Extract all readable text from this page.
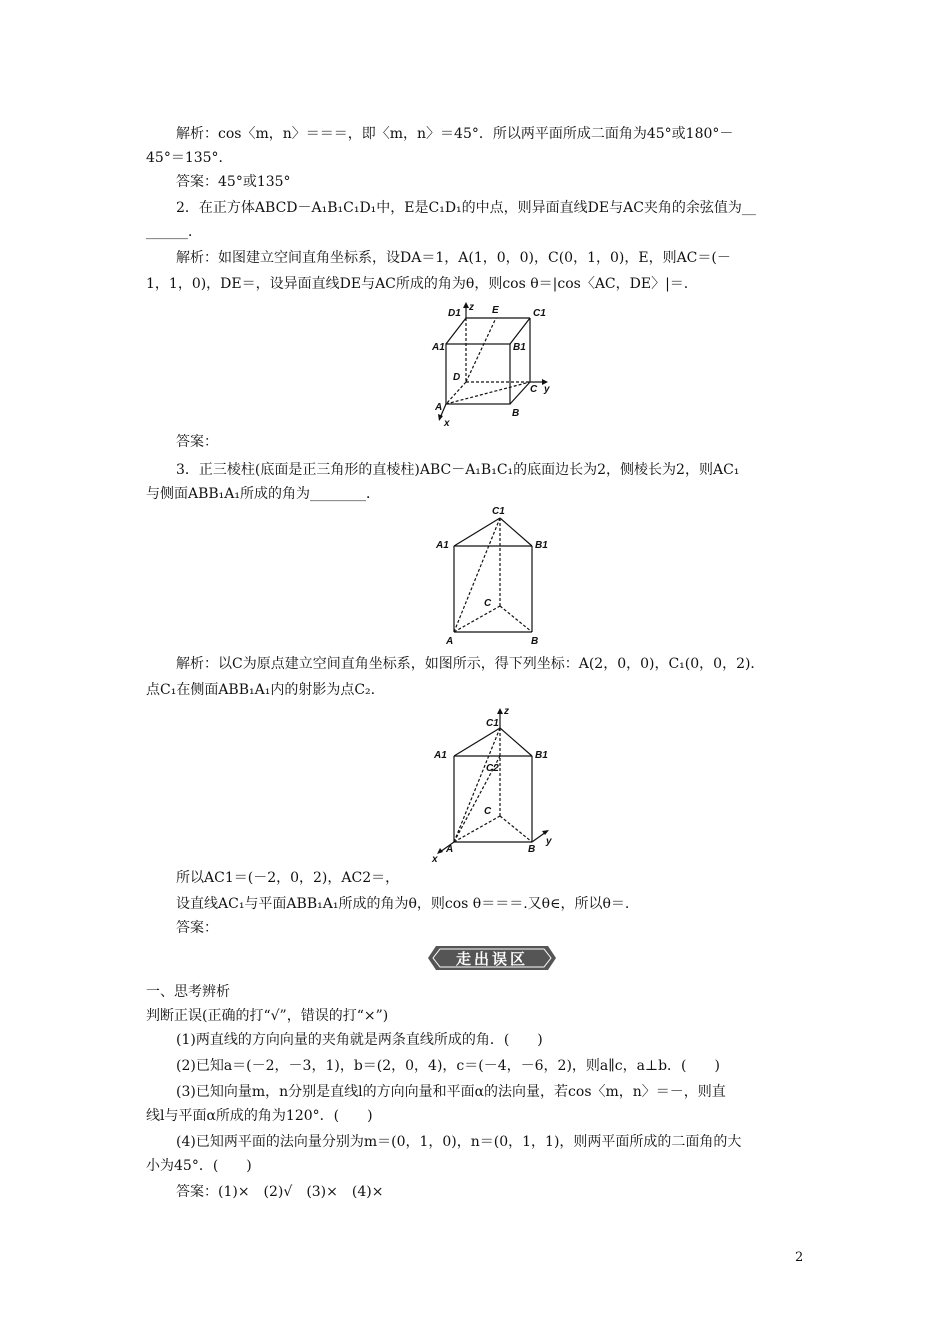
解析：cos〈m，n〉＝＝＝，即〈m，n〉＝45°．所以两平面所成二面角为45°或180°－
45°＝135°．
答案：45°或135°
2．在正方体ABCD－A₁B₁C₁D₁中，E是C₁D₁的中点，则异面直线DE与AC夹角的余弦值为__
______．
解析：如图建立空间直角坐标系，设DA＝1，A(1，0，0)，C(0，1，0)，E，则AC＝(－
1，1，0)，DE＝，设异面直线DE与AC所成的角为θ，则cos θ＝|cos〈AC，DE〉|＝.
D1	E	C1
A1	B1
D
C y
A
B
x
z
答案：
3．正三棱柱(底面是正三角形的直棱柱)ABC－A₁B₁C₁的底面边长为2，侧棱长为2，则AC₁
与侧面ABB₁A₁所成的角为________．
C1
A1	B1
C
A	B
解析：以C为原点建立空间直角坐标系，如图所示，得下列坐标：A(2，0，0)，C₁(0，0，2)．
点C₁在侧面ABB₁A₁内的射影为点C₂.
z
C1
A1	B1
C2
C
A	B
x
y
所以AC1＝(－2，0，2)，AC2＝，
设直线AC₁与平面ABB₁A₁所成的角为θ，则cos θ＝＝＝.又θ∈，所以θ＝.
答案：
走出误区
一、思考辨析
判断正误(正确的打“√”，错误的打“×”)
(1)两直线的方向向量的夹角就是两条直线所成的角．(　　)
(2)已知a＝(－2，－3，1)，b＝(2，0，4)，c＝(－4，－6，2)，则a∥c，a⊥b．(　　)
(3)已知向量m，n分别是直线l的方向向量和平面α的法向量，若cos〈m，n〉＝－，则直
线l与平面α所成的角为120°．(　　)
(4)已知两平面的法向量分别为m＝(0，1，0)，n＝(0，1，1)，则两平面所成的二面角的大
小为45°．(　　)
答案：(1)×　(2)√　(3)×　(4)×
2
